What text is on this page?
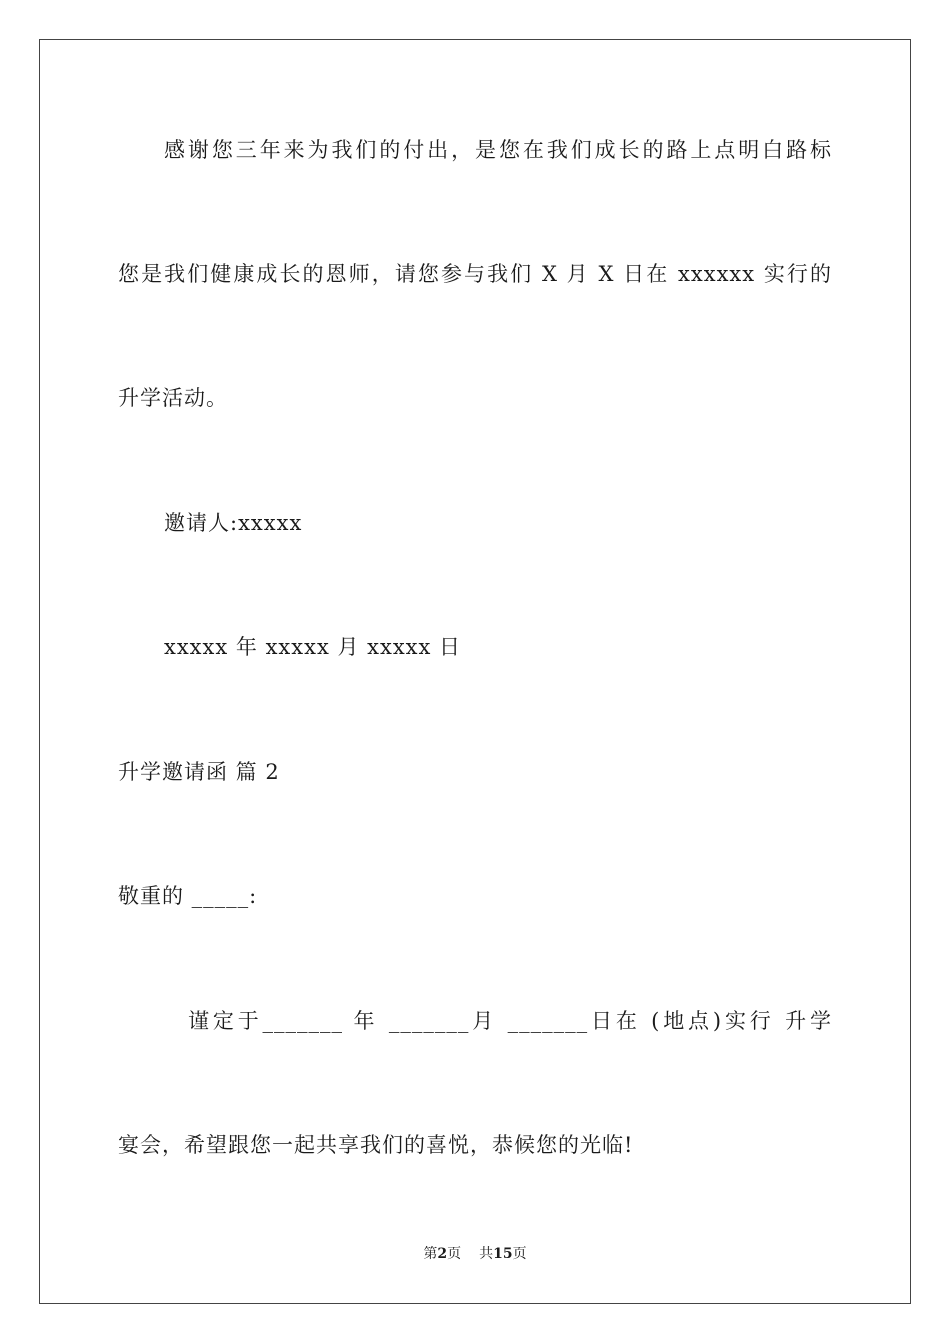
感谢您三年来为我们的付出，是您在我们成长的路上点明白路标
您是我们健康成长的恩师，请您参与我们 X 月 X 日在 xxxxxx 实行的
升学活动。
邀请人:xxxxx
xxxxx 年 xxxxx 月 xxxxx 日
升学邀请函 篇 2
敬重的 _____:
谨定于_______ 年 _______月 _______日在 (地点)实行 升学
宴会，希望跟您一起共享我们的喜悦，恭候您的光临!
第2页 共15页
